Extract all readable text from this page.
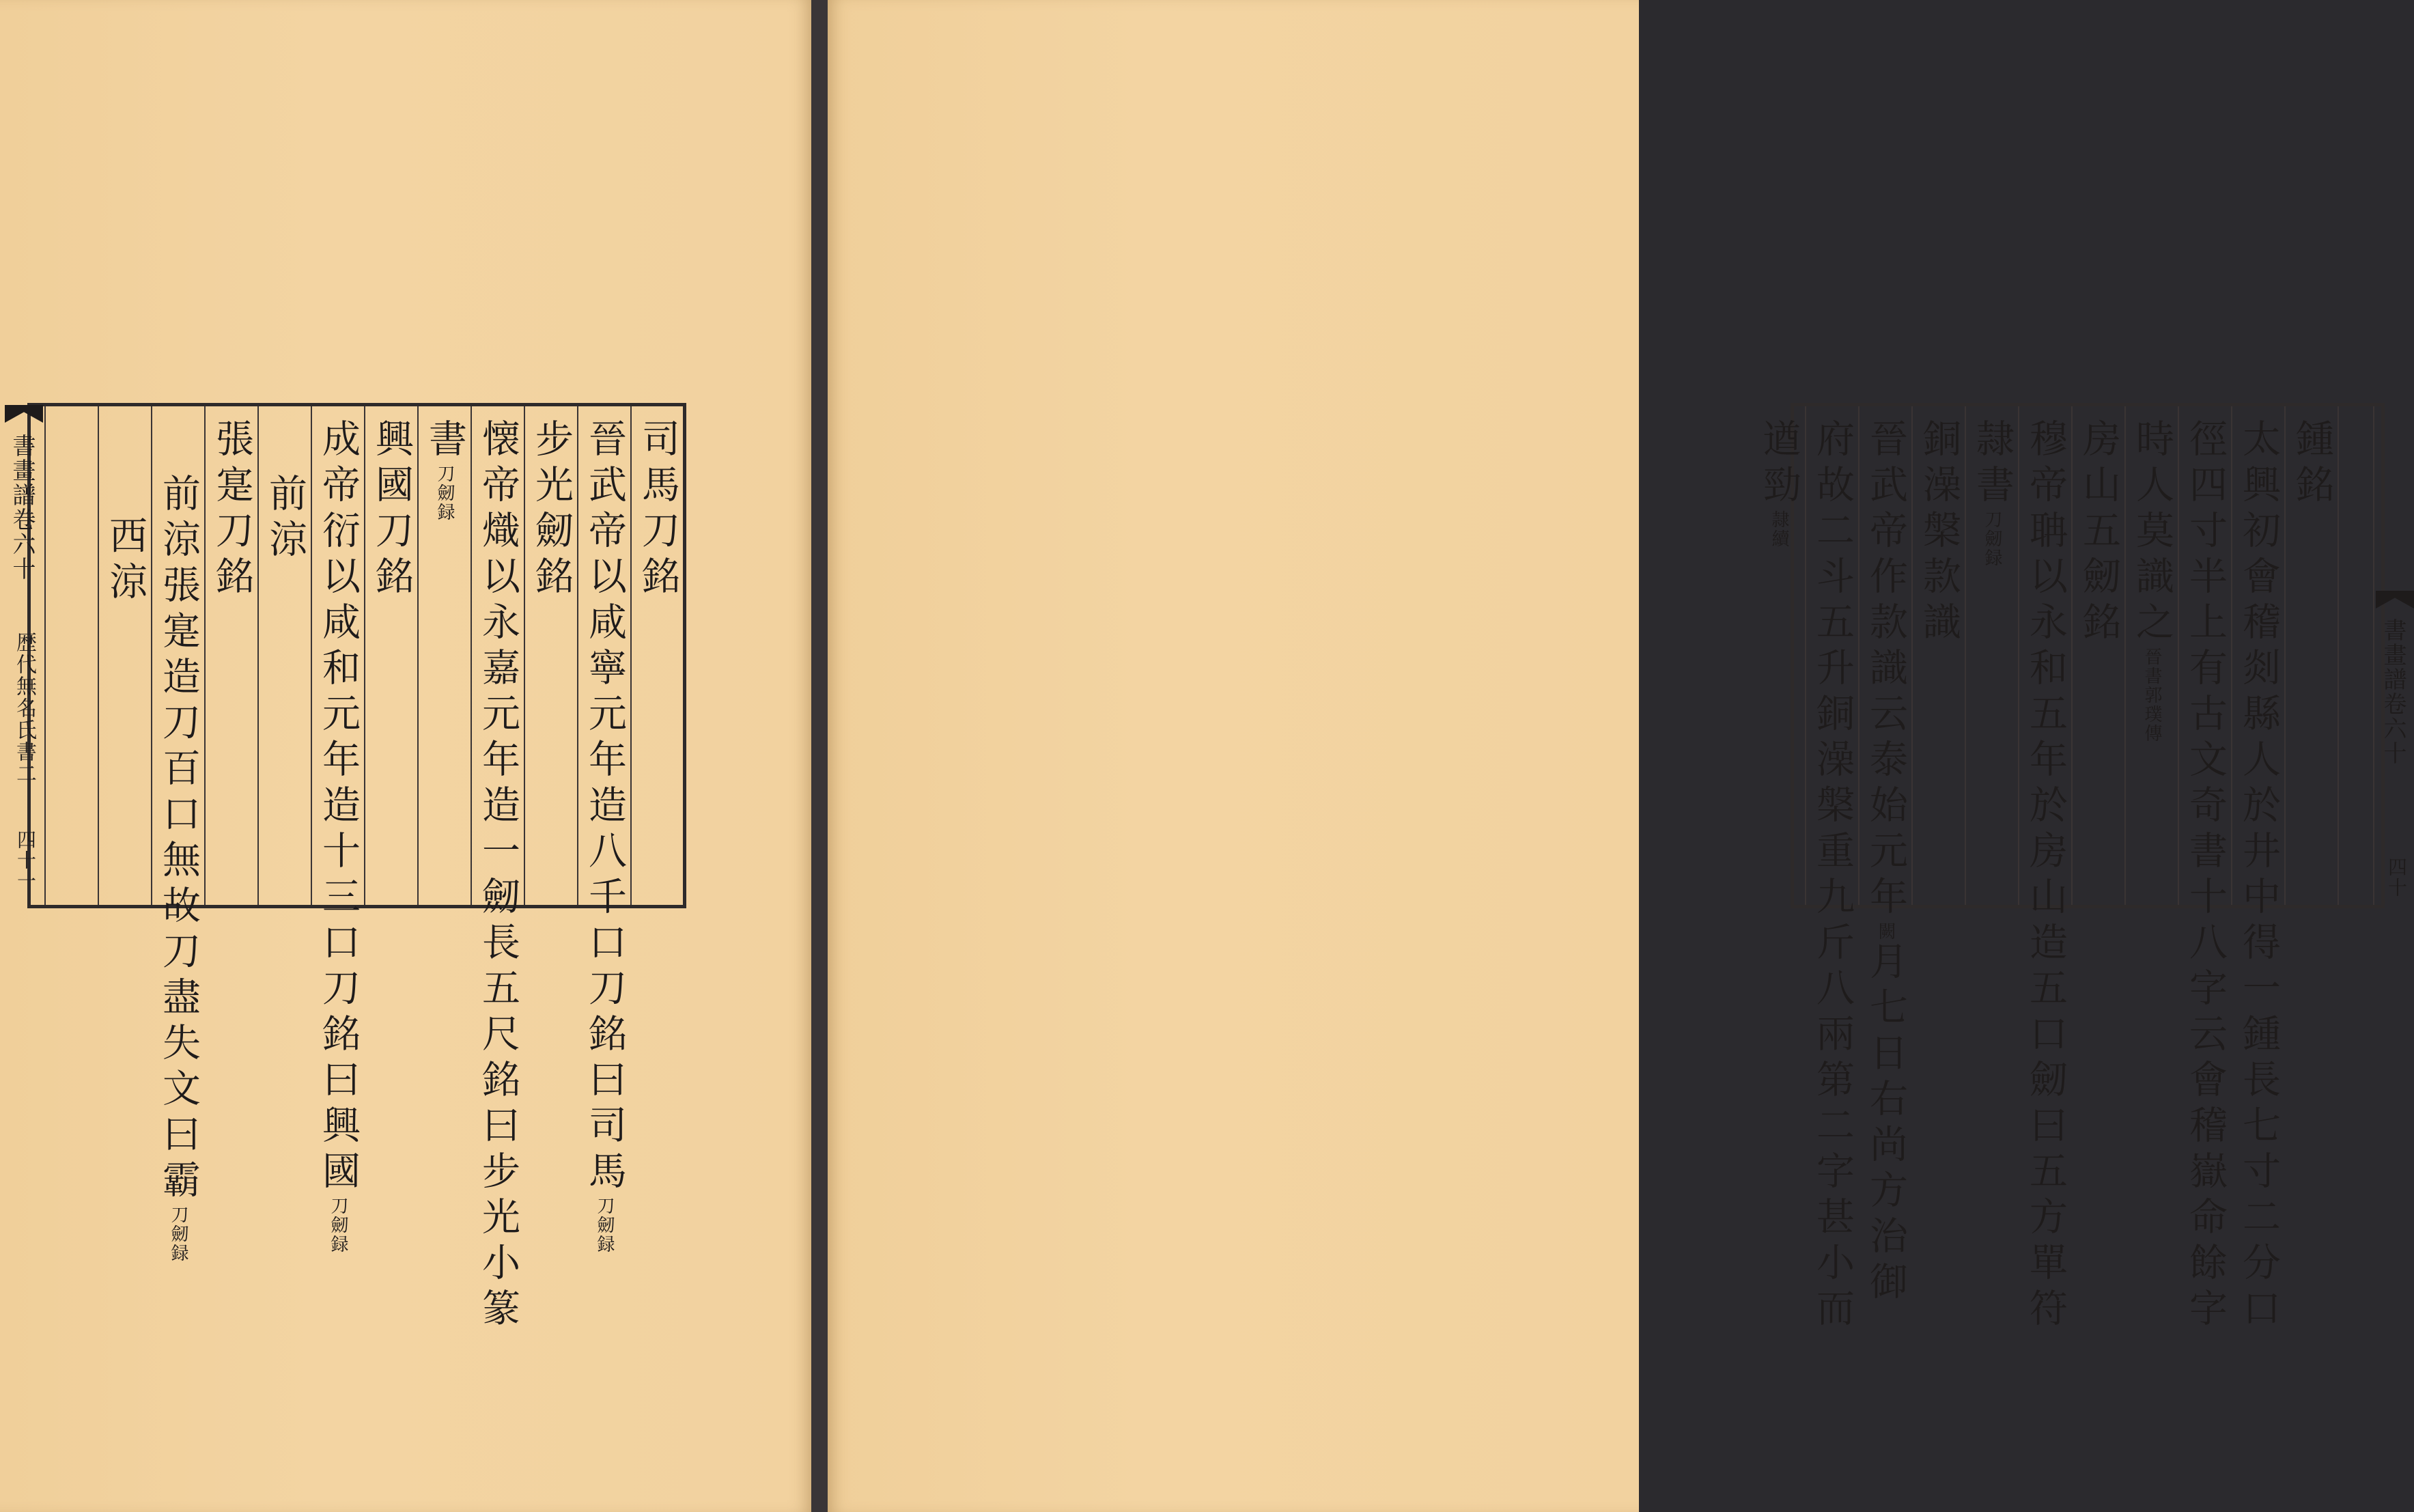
書畫譜卷六十
歴代無名氏書二
四十一
司馬刀銘
晉武帝以咸寧元年造八千口刀銘曰司馬刀劒録
步光劒銘
懐帝熾以永嘉元年造一劒長五尺銘曰步光小篆
書刀劒録
興國刀銘
成帝衍以咸和元年造十三口刀銘曰興國刀劒録
前涼
張寔刀銘
前涼張寔造刀百口無故刀盡失文曰霸刀劒録
西涼
鍾銘
太興初會稽剡縣人於井中得一鍾長七寸二分口
徑四寸半上有古文奇書十八字云會稽嶽命餘字
時人莫識之晉書郭璞傳
房山五劒銘
穆帝聃以永和五年於房山造五口劒曰五方單符
隷書刀劒録
銅澡槃款識
晉武帝作款識云泰始元年闕月七日右尚方治御
府故二斗五升銅澡槃重九斤八兩第二字甚小而
遒勁隷續
書畫譜卷六十
四十
